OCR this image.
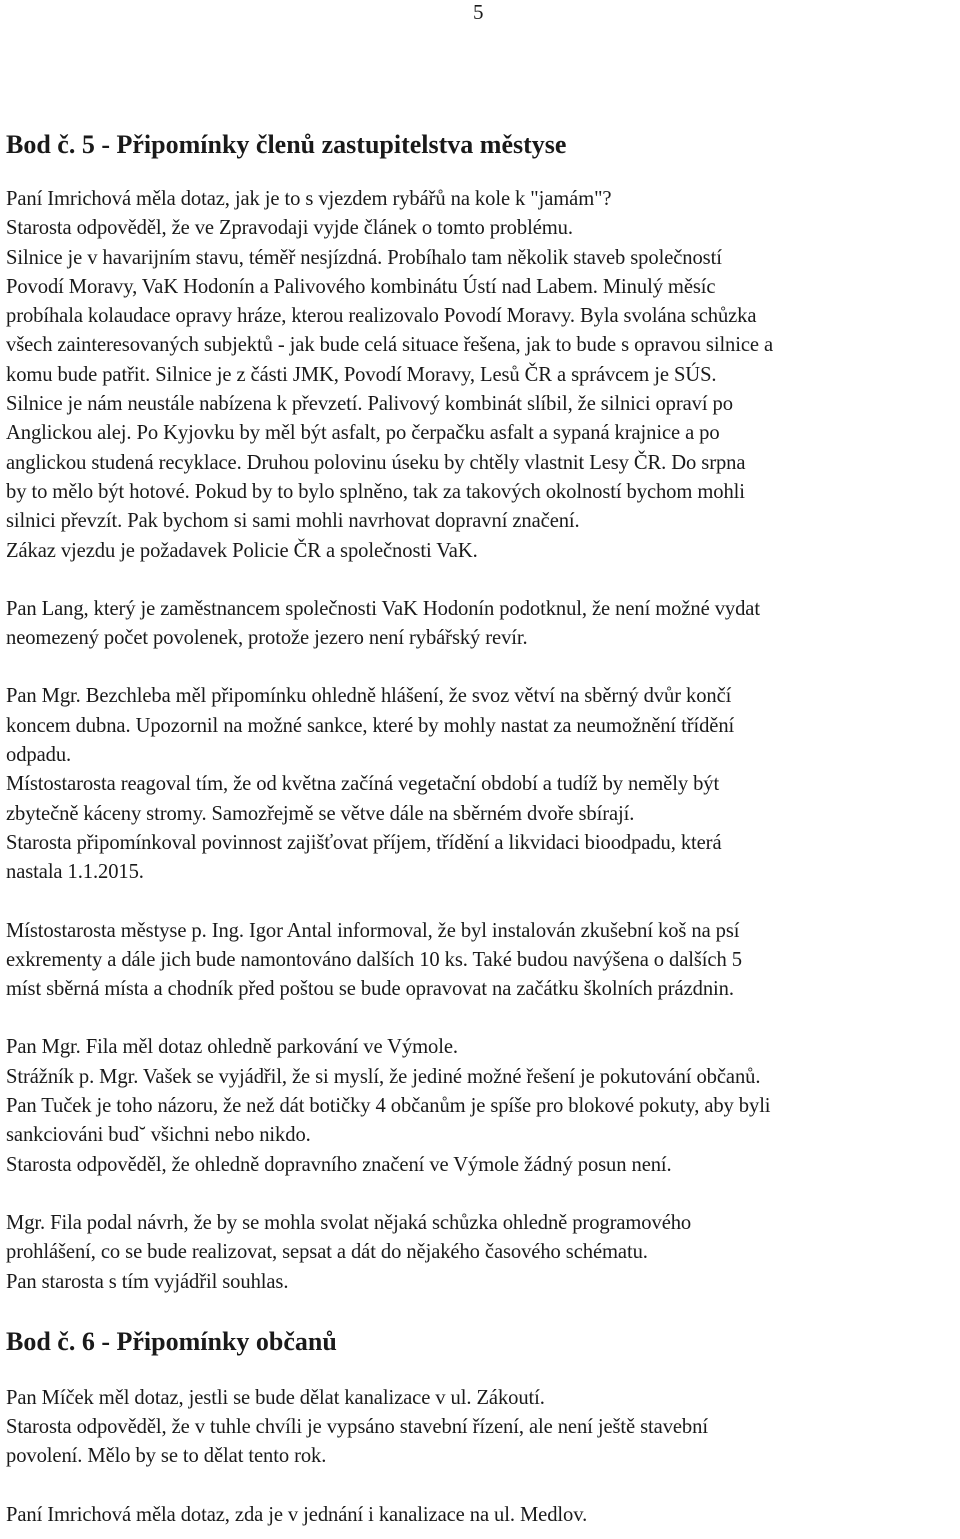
5
Bod č. 5 - Připomínky členů zastupitelstva městyse
Paní Imrichová měla dotaz, jak je to s vjezdem rybářů na kole k "jamám"?
Starosta odpověděl, že ve Zpravodaji vyjde článek o tomto problému.
Silnice je v havarijním stavu, téměř nesjízdná. Probíhalo tam několik staveb společností
Povodí Moravy, VaK Hodonín a Palivového kombinátu Ústí nad Labem. Minulý měsíc
probíhala kolaudace opravy hráze, kterou realizovalo Povodí Moravy. Byla svolána schůzka
všech zainteresovaných subjektů - jak bude celá situace řešena, jak to bude s opravou silnice a
komu bude patřit. Silnice je z části JMK, Povodí Moravy, Lesů ČR a správcem je SÚS.
Silnice je nám neustále nabízena k převzetí. Palivový kombinát slíbil, že silnici opraví po
Anglickou alej. Po Kyjovku by měl být asfalt, po čerpačku asfalt a sypaná krajnice a po
anglickou studená recyklace. Druhou polovinu úseku by chtěly vlastnit Lesy ČR. Do srpna
by to mělo být hotové. Pokud by to bylo splněno, tak za takových okolností bychom mohli
silnici převzít. Pak bychom si sami mohli navrhovat dopravní značení.
Zákaz vjezdu je požadavek Policie ČR a společnosti VaK.
Pan Lang, který je zaměstnancem společnosti VaK Hodonín podotknul, že není možné vydat
neomezený počet povolenek, protože jezero není rybářský revír.
Pan Mgr. Bezchleba měl připomínku ohledně hlášení, že svoz větví na sběrný dvůr končí
koncem dubna. Upozornil na možné sankce, které by mohly nastat za neumožnění třídění
odpadu.
Místostarosta reagoval tím, že od května začíná vegetační období a tudíž by neměly být
zbytečně káceny stromy. Samozřejmě se větve dále na sběrném dvoře sbírají.
Starosta připomínkoval povinnost zajišťovat příjem, třídění a likvidaci bioodpadu, která
nastala 1.1.2015.
Místostarosta městyse p. Ing. Igor Antal informoval, že byl instalován zkušební koš na psí
exkrementy a dále jich bude namontováno dalších 10 ks. Také budou navýšena o dalších 5
míst sběrná místa a chodník před poštou se bude opravovat na začátku školních prázdnin.
Pan Mgr. Fila měl dotaz ohledně parkování ve Výmole.
Strážník p. Mgr. Vašek se vyjádřil, že si myslí, že jediné možné řešení je pokutování občanů.
Pan Tuček je toho názoru, že než dát botičky 4 občanům je spíše pro blokové pokuty, aby byli
sankciováni bud˘ všichni nebo nikdo.
Starosta odpověděl, že ohledně dopravního značení ve Výmole žádný posun není.
Mgr. Fila podal návrh, že by se mohla svolat nějaká schůzka ohledně programového
prohlášení, co se bude realizovat, sepsat a dát do nějakého časového schématu.
Pan starosta s tím vyjádřil souhlas.
Bod č. 6 - Připomínky občanů
Pan Míček měl dotaz, jestli se bude dělat kanalizace v ul. Zákoutí.
Starosta odpověděl, že v tuhle chvíli je vypsáno stavební řízení, ale není ještě stavební
povolení. Mělo by se to dělat tento rok.
Paní Imrichová měla dotaz, zda je v jednání i kanalizace na ul. Medlov.
